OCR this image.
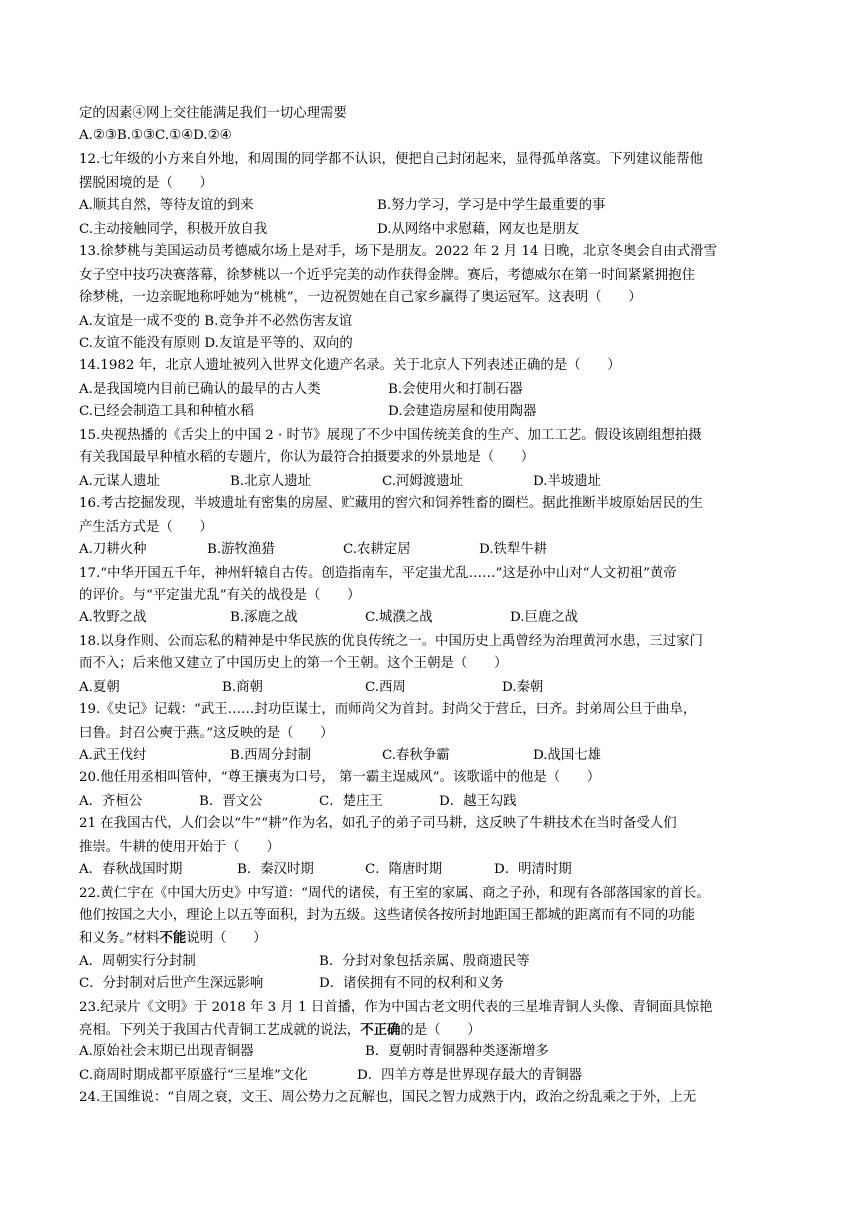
定的因素④网上交往能满足我们一切心理需要
A.②③B.①③C.①④D.②④
12.七年级的小方来自外地，和周围的同学都不认识，便把自己封闭起来，显得孤单落寞。下列建议能帮他
摆脱困境的是（　　）
A.顺其自然，等待友谊的到来	B.努力学习，学习是中学生最重要的事
C.主动接触同学，积极开放自我	D.从网络中求慰藉，网友也是朋友
13.徐梦桃与美国运动员考德威尔场上是对手，场下是朋友。2022 年 2 月 14 日晚，北京冬奥会自由式滑雪
女子空中技巧决赛落幕，徐梦桃以一个近乎完美的动作获得金牌。赛后，考德威尔在第一时间紧紧拥抱住
徐梦桃，一边亲昵地称呼她为“桃桃”，一边祝贺她在自己家乡赢得了奥运冠军。这表明（　　）
A.友谊是一成不变的 B.竞争并不必然伤害友谊
C.友谊不能没有原则 D.友谊是平等的、双向的
14.1982 年，北京人遗址被列入世界文化遗产名录。关于北京人下列表述正确的是（　　）
A.是我国境内目前已确认的最早的古人类	B.会使用火和打制石器
C.已经会制造工具和种植水稻	D.会建造房屋和使用陶器
15.央视热播的《舌尖上的中国 2 · 时节》展现了不少中国传统美食的生产、加工工艺。假设该剧组想拍摄
有关我国最早种植水稻的专题片，你认为最符合拍摄要求的外景地是（　　）
A.元谋人遗址	B.北京人遗址	C.河姆渡遗址	D.半坡遗址
16.考古挖掘发现，半坡遗址有密集的房屋、贮藏用的窖穴和饲养牲畜的圈栏。据此推断半坡原始居民的生
产生活方式是（　　）
A.刀耕火种	B.游牧渔猎	C.农耕定居	D.铁犁牛耕
17.“中华开国五千年，神州轩辕自古传。创造指南车，平定蚩尤乱……”这是孙中山对“人文初祖”黄帝
的评价。与“平定蚩尤乱”有关的战役是（　　）
A.牧野之战	B.涿鹿之战	C.城濮之战	D.巨鹿之战
18.以身作则、公而忘私的精神是中华民族的优良传统之一。中国历史上禹曾经为治理黄河水患，三过家门
而不入；后来他又建立了中国历史上的第一个王朝。这个王朝是（　　）
A.夏朝	B.商朝	C.西周	D.秦朝
19.《史记》记载：“武王……封功臣谋士，而师尚父为首封。封尚父于营丘，曰齐。封弟周公旦于曲阜，
曰鲁。封召公奭于燕。”这反映的是（　　）
A.武王伐纣	B.西周分封制	C.春秋争霸	D.战国七雄
20.他任用丞相叫管仲，“尊王攘夷为口号， 第一霸主逞威风”。该歌谣中的他是（　　）
A．齐桓公	B．晋文公	C．楚庄王	D．越王勾践
21 在我国古代，人们会以“牛”“耕”作为名，如孔子的弟子司马耕，这反映了牛耕技术在当时备受人们
推崇。牛耕的使用开始于（　　）
A．春秋战国时期	B．秦汉时期	C．隋唐时期	D．明清时期
22.黄仁宇在《中国大历史》中写道：“周代的诸侯，有王室的家属、商之子孙，和现有各部落国家的首长。
他们按国之大小，理论上以五等面积，封为五级。这些诸侯各按所封地距国王都城的距离而有不同的功能
和义务。”材料不能说明（　　）
A．周朝实行分封制	B．分封对象包括亲属、殷商遗民等
C．分封制对后世产生深远影响	D．诸侯拥有不同的权利和义务
23.纪录片《文明》于 2018 年 3 月 1 日首播，作为中国古老文明代表的三星堆青铜人头像、青铜面具惊艳
亮相。下列关于我国古代青铜工艺成就的说法，不正确的是（　　）
A.原始社会末期已出现青铜器	B．夏朝时青铜器种类逐渐增多
C.商周时期成都平原盛行“三星堆”文化	D．四羊方尊是世界现存最大的青铜器
24.王国维说：“自周之衰，文王、周公势力之瓦解也，国民之智力成熟于内，政治之纷乱乘之于外，上无
